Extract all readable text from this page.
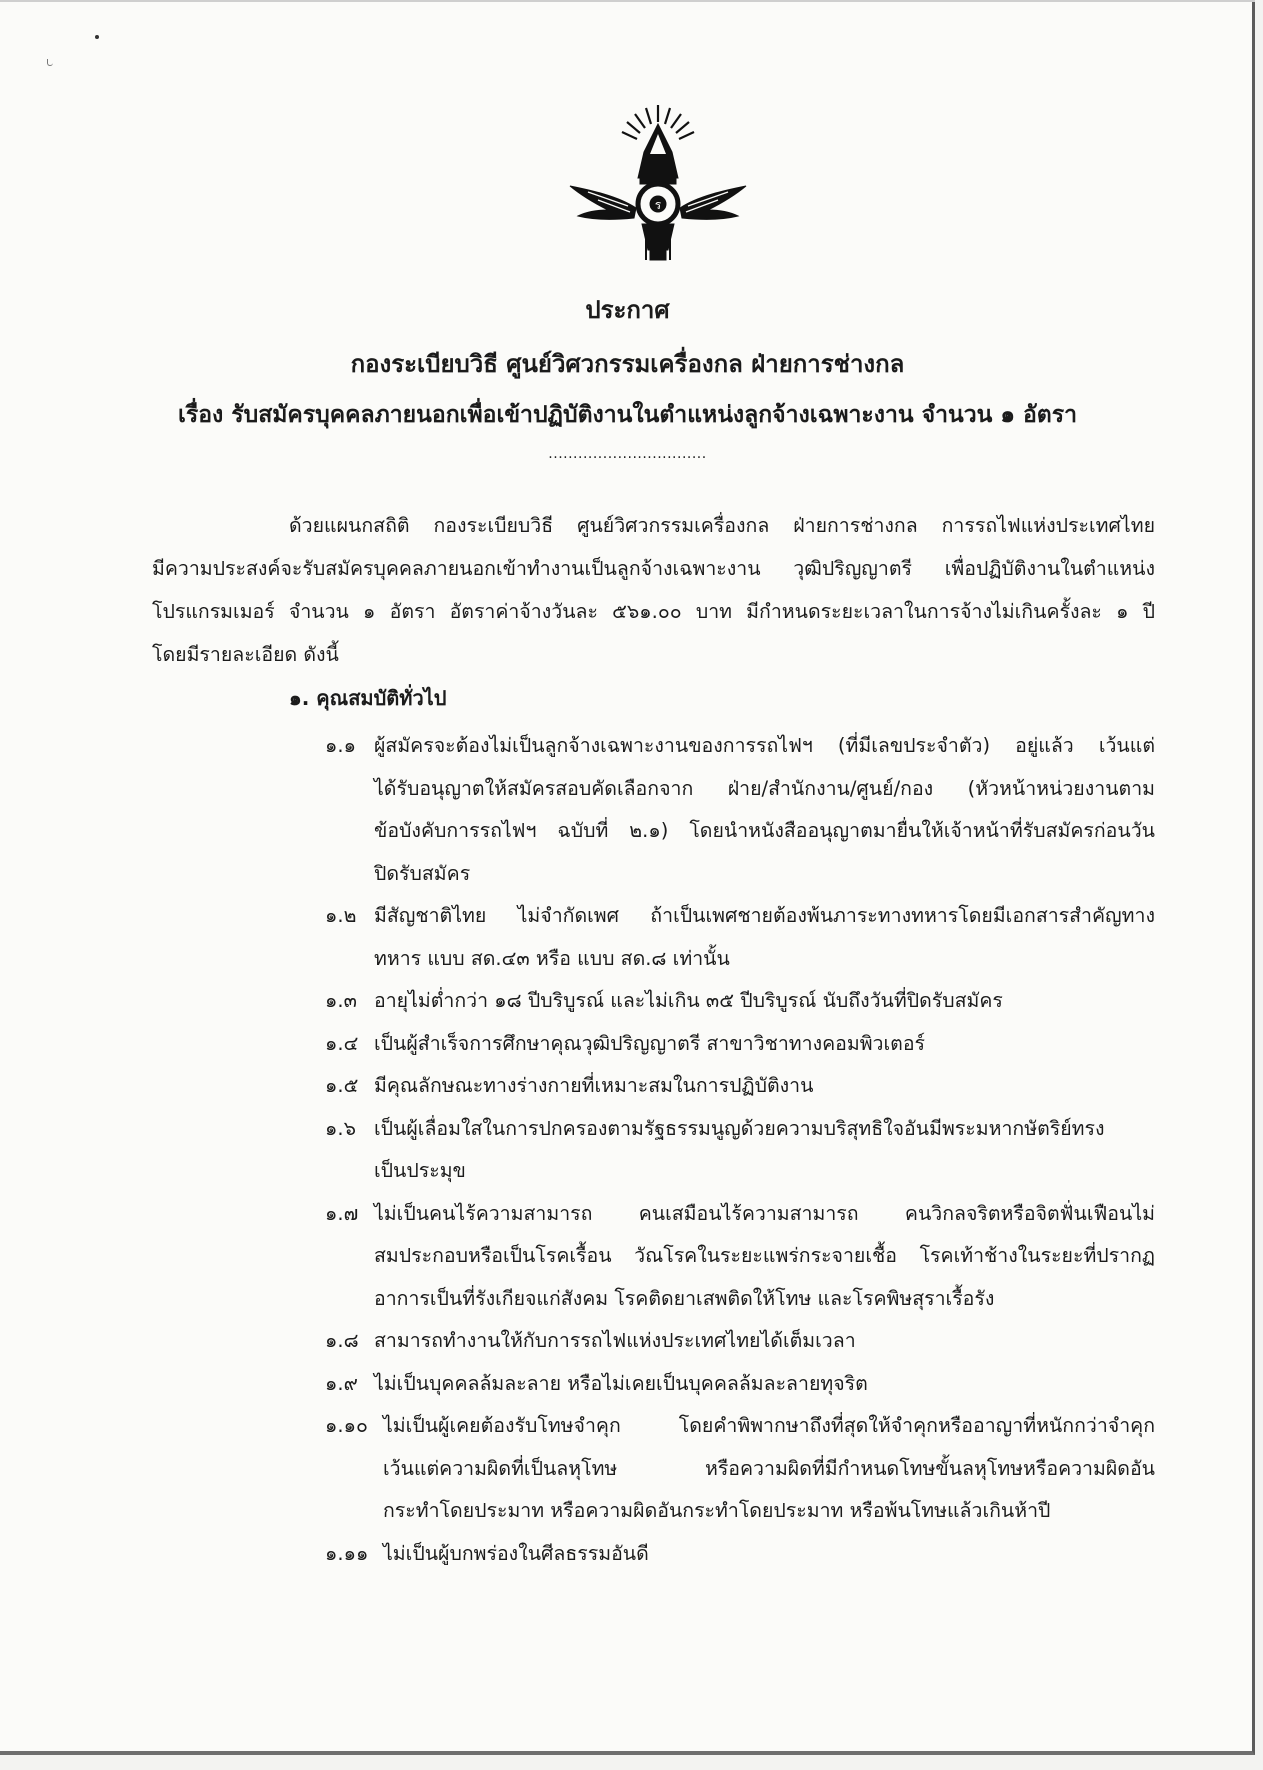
ร
ประกาศ
กองระเบียบวิธี ศูนย์วิศวกรรมเครื่องกล ฝ่ายการช่างกล
เรื่อง รับสมัครบุคคลภายนอกเพื่อเข้าปฏิบัติงานในตำแหน่งลูกจ้างเฉพาะงาน จำนวน ๑ อัตรา
................................
ด้วยแผนกสถิติ กองระเบียบวิธี ศูนย์วิศวกรรมเครื่องกล ฝ่ายการช่างกล การรถไฟแห่งประเทศไทย
มีความประสงค์จะรับสมัครบุคคลภายนอกเข้าทำงานเป็นลูกจ้างเฉพาะงาน วุฒิปริญญาตรี เพื่อปฏิบัติงานในตำแหน่ง
โปรแกรมเมอร์ จำนวน ๑ อัตรา อัตราค่าจ้างวันละ ๕๖๑.๐๐ บาท มีกำหนดระยะเวลาในการจ้างไม่เกินครั้งละ ๑ ปี
โดยมีรายละเอียด ดังนี้
๑. คุณสมบัติทั่วไป
๑.๑ ผู้สมัครจะต้องไม่เป็นลูกจ้างเฉพาะงานของการรถไฟฯ (ที่มีเลขประจำตัว) อยู่แล้ว เว้นแต่
ได้รับอนุญาตให้สมัครสอบคัดเลือกจาก ฝ่าย/สำนักงาน/ศูนย์/กอง (หัวหน้าหน่วยงานตาม
ข้อบังคับการรถไฟฯ ฉบับที่ ๒.๑) โดยนำหนังสืออนุญาตมายื่นให้เจ้าหน้าที่รับสมัครก่อนวัน
ปิดรับสมัคร
๑.๒ มีสัญชาติไทย ไม่จำกัดเพศ ถ้าเป็นเพศชายต้องพ้นภาระทางทหารโดยมีเอกสารสำคัญทาง
ทหาร แบบ สด.๔๓ หรือ แบบ สด.๘ เท่านั้น
๑.๓ อายุไม่ต่ำกว่า ๑๘ ปีบริบูรณ์ และไม่เกิน ๓๕ ปีบริบูรณ์ นับถึงวันที่ปิดรับสมัคร
๑.๔ เป็นผู้สำเร็จการศึกษาคุณวุฒิปริญญาตรี สาขาวิชาทางคอมพิวเตอร์
๑.๕ มีคุณลักษณะทางร่างกายที่เหมาะสมในการปฏิบัติงาน
๑.๖ เป็นผู้เลื่อมใสในการปกครองตามรัฐธรรมนูญด้วยความบริสุทธิใจอันมีพระมหากษัตริย์ทรง
เป็นประมุข
๑.๗ ไม่เป็นคนไร้ความสามารถ คนเสมือนไร้ความสามารถ คนวิกลจริตหรือจิตฟั่นเฟือนไม่
สมประกอบหรือเป็นโรคเรื้อน วัณโรคในระยะแพร่กระจายเชื้อ โรคเท้าช้างในระยะที่ปรากฏ
อาการเป็นที่รังเกียจแก่สังคม โรคติดยาเสพติดให้โทษ และโรคพิษสุราเรื้อรัง
๑.๘ สามารถทำงานให้กับการรถไฟแห่งประเทศไทยได้เต็มเวลา
๑.๙ ไม่เป็นบุคคลล้มละลาย หรือไม่เคยเป็นบุคคลล้มละลายทุจริต
๑.๑๐ ไม่เป็นผู้เคยต้องรับโทษจำคุก โดยคำพิพากษาถึงที่สุดให้จำคุกหรืออาญาที่หนักกว่าจำคุก
เว้นแต่ความผิดที่เป็นลหุโทษ หรือความผิดที่มีกำหนดโทษขั้นลหุโทษหรือความผิดอัน
กระทำโดยประมาท หรือความผิดอันกระทำโดยประมาท หรือพ้นโทษแล้วเกินห้าปี
๑.๑๑ ไม่เป็นผู้บกพร่องในศีลธรรมอันดี
